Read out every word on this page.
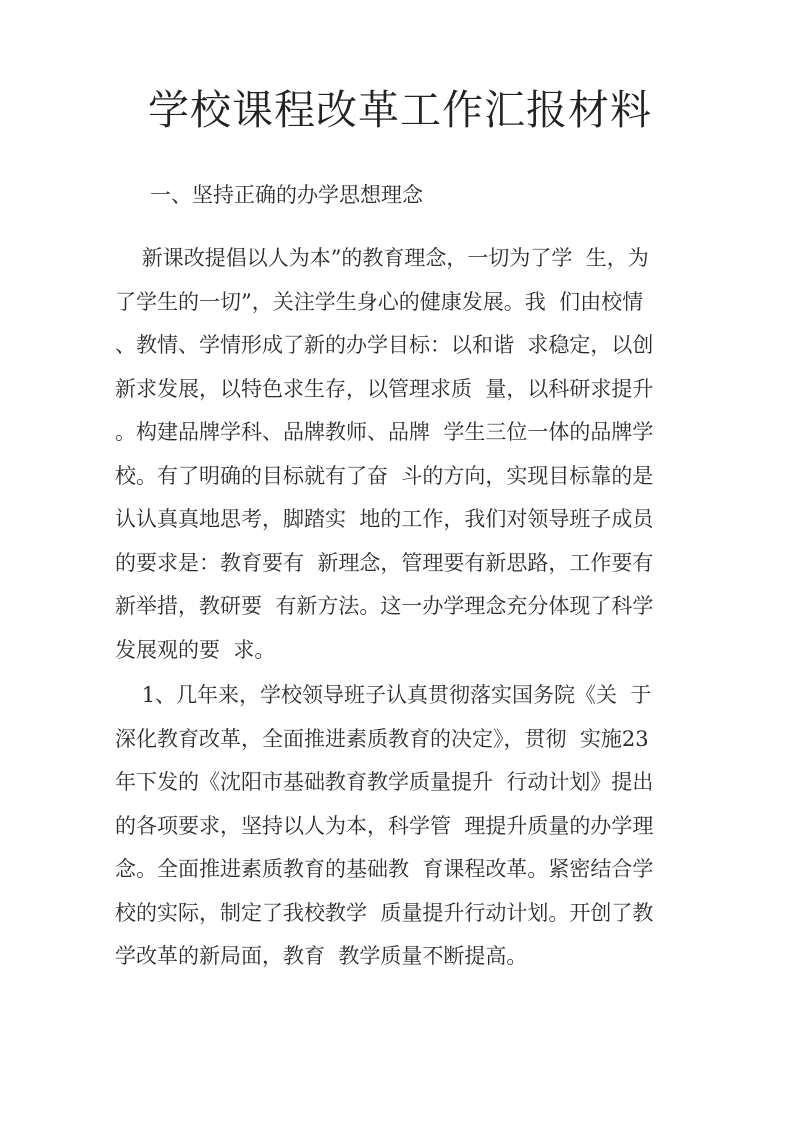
学校课程改革工作汇报材料

一、坚持正确的办学思想理念

新课改提倡以人为本”的教育理念，一切为了学  生，为
了学生的一切”，关注学生身心的健康发展。我  们由校情
、教情、学情形成了新的办学目标：以和谐  求稳定，以创
新求发展，以特色求生存，以管理求质  量，以科研求提升
。构建品牌学科、品牌教师、品牌  学生三位一体的品牌学
校。有了明确的目标就有了奋  斗的方向，实现目标靠的是
认认真真地思考，脚踏实  地的工作，我们对领导班子成员
的要求是：教育要有  新理念，管理要有新思路，工作要有
新举措，教研要  有新方法。这一办学理念充分体现了科学
发展观的要  求。
1、几年来，学校领导班子认真贯彻落实国务院《关  于
深化教育改革，全面推进素质教育的决定》，贯彻  实施23
年下发的《沈阳市基础教育教学质量提升  行动计划》提出
的各项要求，坚持以人为本，科学管  理提升质量的办学理
念。全面推进素质教育的基础教  育课程改革。紧密结合学
校的实际，制定了我校教学  质量提升行动计划。开创了教
学改革的新局面，教育  教学质量不断提高。
